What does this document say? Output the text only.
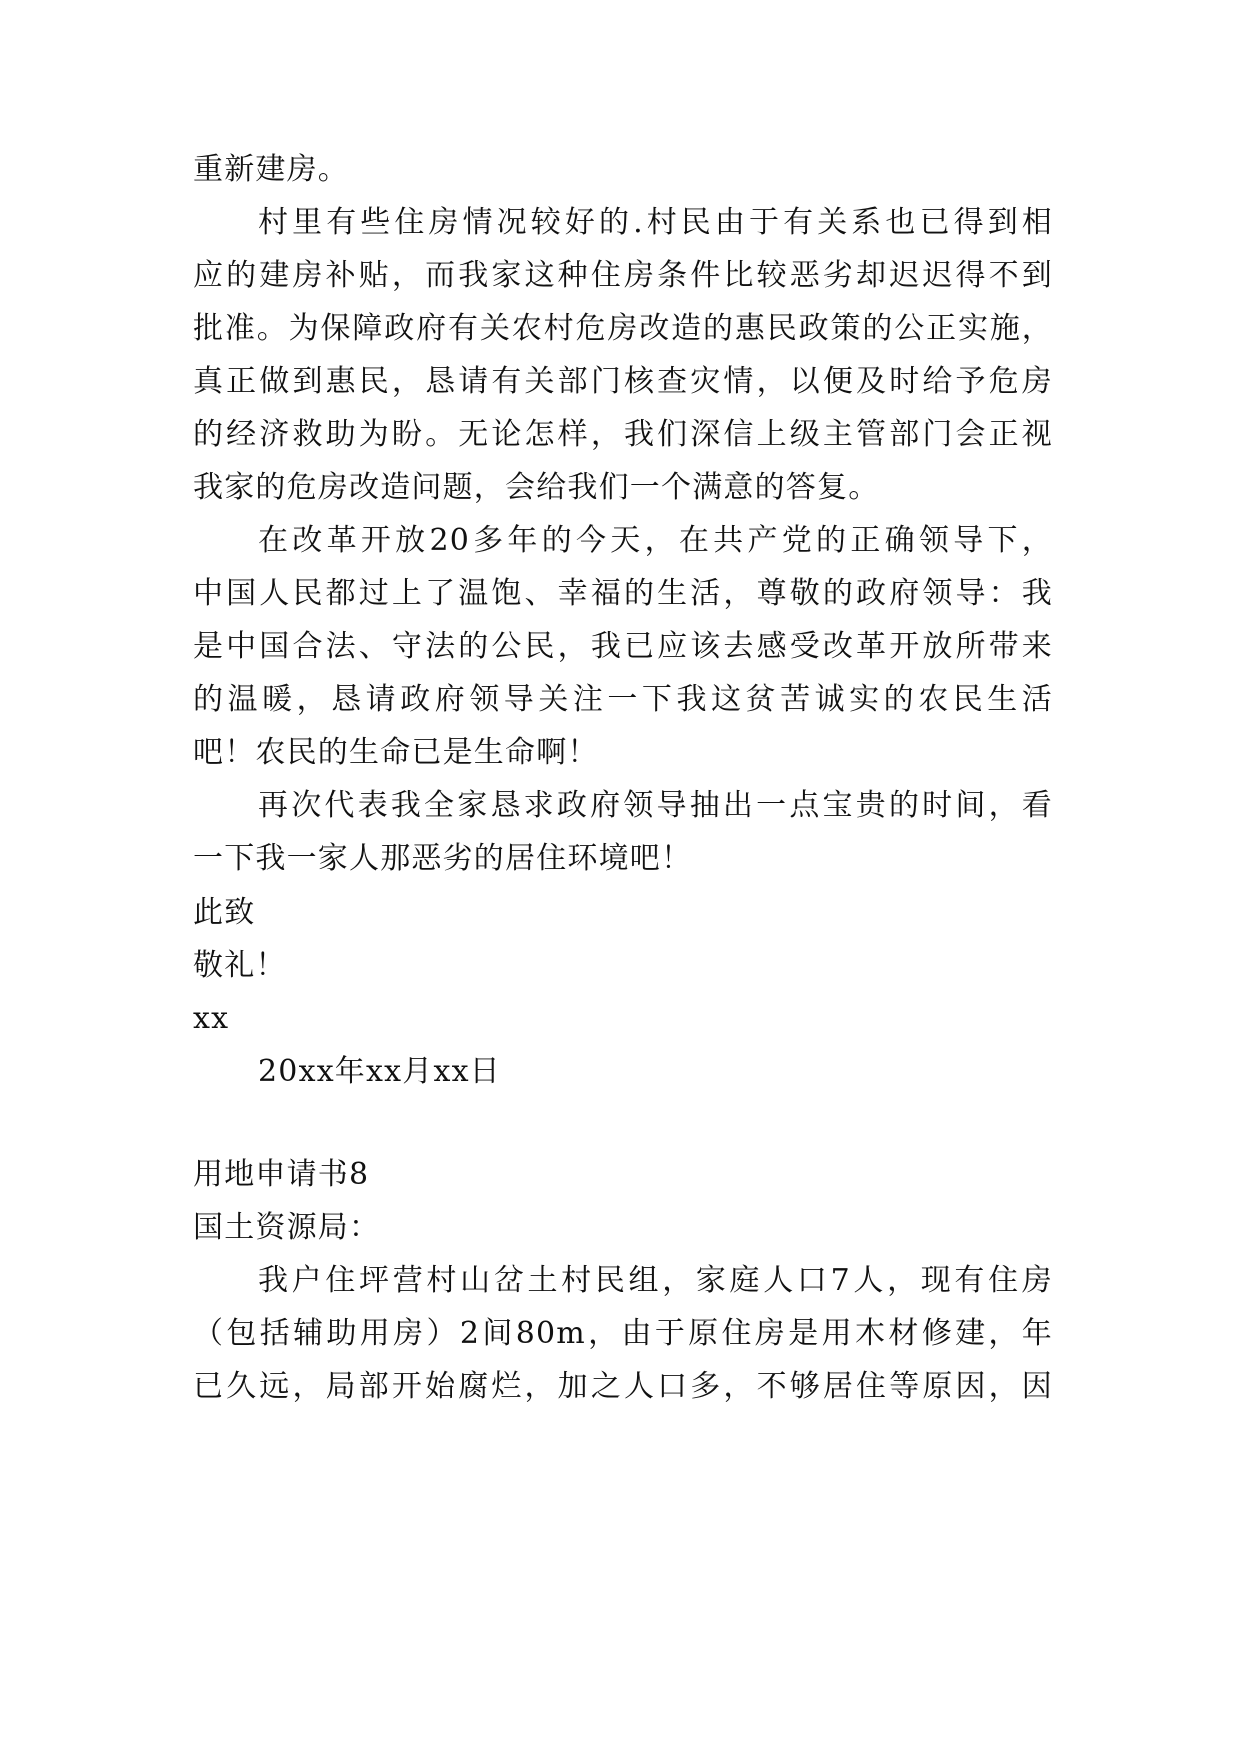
重新建房。
村里有些住房情况较好的.村民由于有关系也已得到相
应的建房补贴，而我家这种住房条件比较恶劣却迟迟得不到
批准。为保障政府有关农村危房改造的惠民政策的公正实施，
真正做到惠民，恳请有关部门核查灾情，以便及时给予危房
的经济救助为盼。无论怎样，我们深信上级主管部门会正视
我家的危房改造问题，会给我们一个满意的答复。
在改革开放20多年的今天，在共产党的正确领导下，
中国人民都过上了温饱、幸福的生活，尊敬的政府领导：我
是中国合法、守法的公民，我已应该去感受改革开放所带来
的温暖，恳请政府领导关注一下我这贫苦诚实的农民生活
吧！农民的生命已是生命啊！
再次代表我全家恳求政府领导抽出一点宝贵的时间，看
一下我一家人那恶劣的居住环境吧！
此致
敬礼！
xx
20xx年xx月xx日
用地申请书8
国土资源局：
我户住坪营村山岔土村民组，家庭人口7人，现有住房
（包括辅助用房）2间80m，由于原住房是用木材修建，年
已久远，局部开始腐烂，加之人口多，不够居住等原因，因
